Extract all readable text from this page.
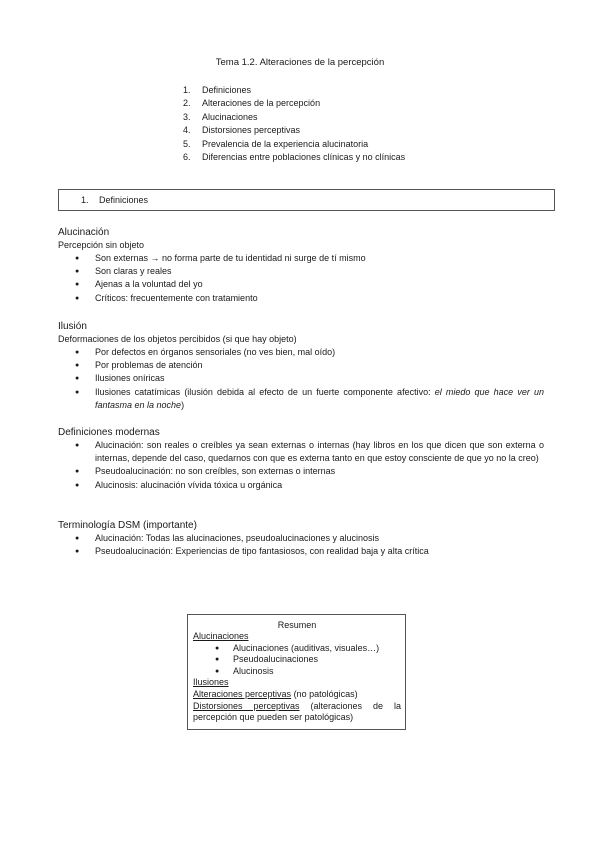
Tema 1.2. Alteraciones de la percepción
1. Definiciones
2. Alteraciones de la percepción
3. Alucinaciones
4. Distorsiones perceptivas
5. Prevalencia de la experiencia alucinatoria
6. Diferencias entre poblaciones clínicas y no clínicas
1. Definiciones
Alucinación
Percepción sin objeto
● Son externas → no forma parte de tu identidad ni surge de tí mismo
● Son claras y reales
● Ajenas a la voluntad del yo
● Críticos: frecuentemente con tratamiento
Ilusión
Deformaciones de los objetos percibidos (si que hay objeto)
● Por defectos en órganos sensoriales (no ves bien, mal oído)
● Por problemas de atención
● Ilusiones oníricas
● Ilusiones catatímicas (ilusión debida al efecto de un fuerte componente afectivo: el miedo que hace ver un fantasma en la noche)
Definiciones modernas
● Alucinación: son reales o creíbles ya sean externas o internas (hay libros en los que dicen que son externa o internas, depende del caso, quedarnos con que es externa tanto en que estoy consciente de que yo no la creo)
● Pseudoalucinación: no son creíbles, son externas o internas
● Alucinosis: alucinación vívida tóxica u orgánica
Terminología DSM (importante)
● Alucinación: Todas las alucinaciones, pseudoalucinaciones y alucinosis
● Pseudoalucinación: Experiencias de tipo fantasiosos, con realidad baja y alta crítica
Resumen
Alucinaciones
● Alucinaciones (auditivas, visuales…)
● Pseudoalucinaciones
● Alucinosis
Ilusiones
Alteraciones perceptivas (no patológicas)
Distorsiones perceptivas (alteraciones de la percepción que pueden ser patológicas)
